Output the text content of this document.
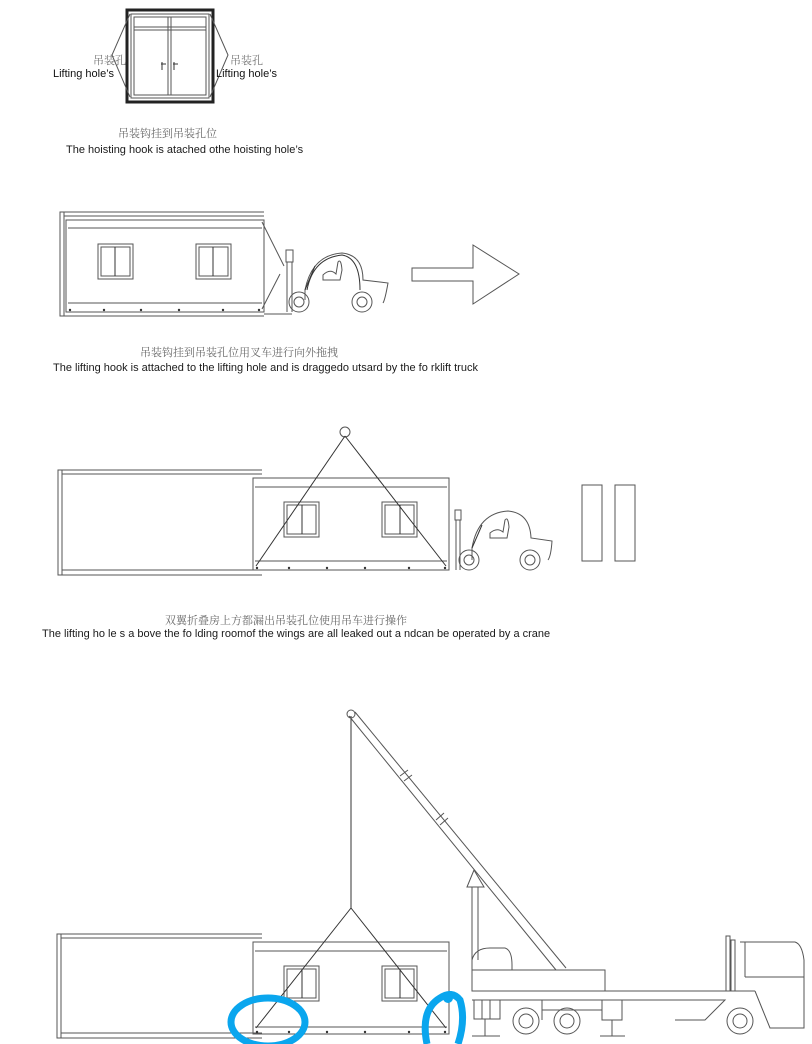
吊装孔
Lifting hole’s
吊装孔
Lifting hole’s
吊装钩挂到吊装孔位
The hoisting hook is atached othe hoisting hole’s
吊装钩挂到吊装孔位用叉车进行向外拖拽
The lifting hook is attached to the lifting hole and is draggedo utsard by the fo rklift truck
双翼折叠房上方都漏出吊装孔位使用吊车进行操作
The lifting ho le s a bove the fo lding roomof the wings are all leaked out a ndcan be operated by a crane
